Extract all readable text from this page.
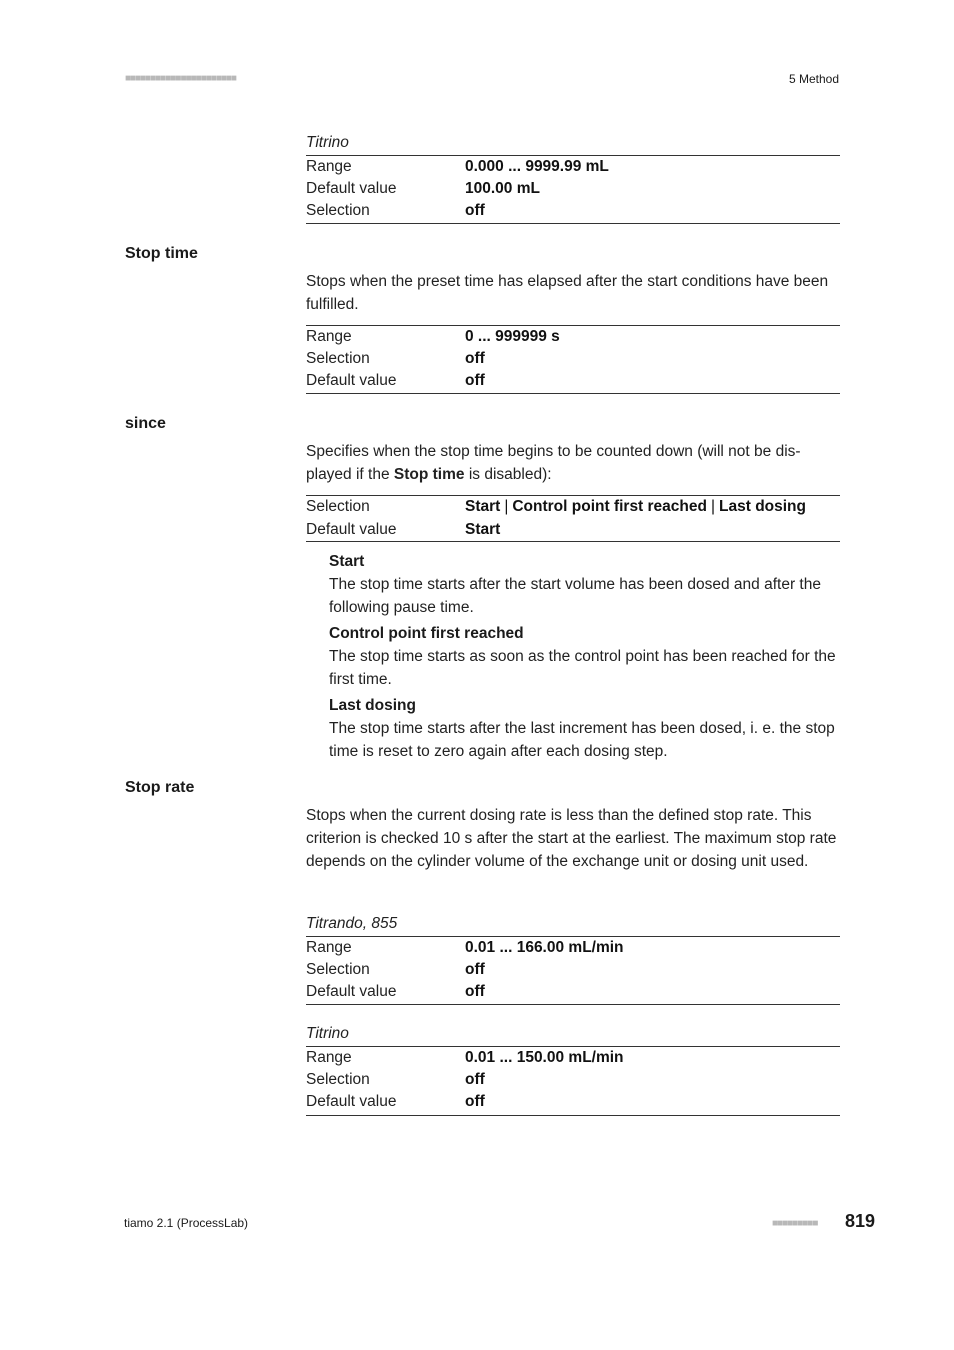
■■■■■■■■■■■■■■■■■■■■■■	5 Method
Titrino
Range	0.000 ... 9999.99 mL
Default value	100.00 mL
Selection	off
Stop time
Stops when the preset time has elapsed after the start conditions have been fulfilled.
Range	0 ... 999999 s
Selection	off
Default value	off
since
Specifies when the stop time begins to be counted down (will not be dis-played if the Stop time is disabled):
Selection	Start | Control point first reached | Last dosing
Default value	Start
Start
The stop time starts after the start volume has been dosed and after the following pause time.
Control point first reached
The stop time starts as soon as the control point has been reached for the first time.
Last dosing
The stop time starts after the last increment has been dosed, i. e. the stop time is reset to zero again after each dosing step.
Stop rate
Stops when the current dosing rate is less than the defined stop rate. This criterion is checked 10 s after the start at the earliest. The maximum stop rate depends on the cylinder volume of the exchange unit or dosing unit used.
Titrando, 855
Range	0.01 ... 166.00 mL/min
Selection	off
Default value	off
Titrino
Range	0.01 ... 150.00 mL/min
Selection	off
Default value	off
tiamo 2.1 (ProcessLab)	■■■■■■■■■ 819
